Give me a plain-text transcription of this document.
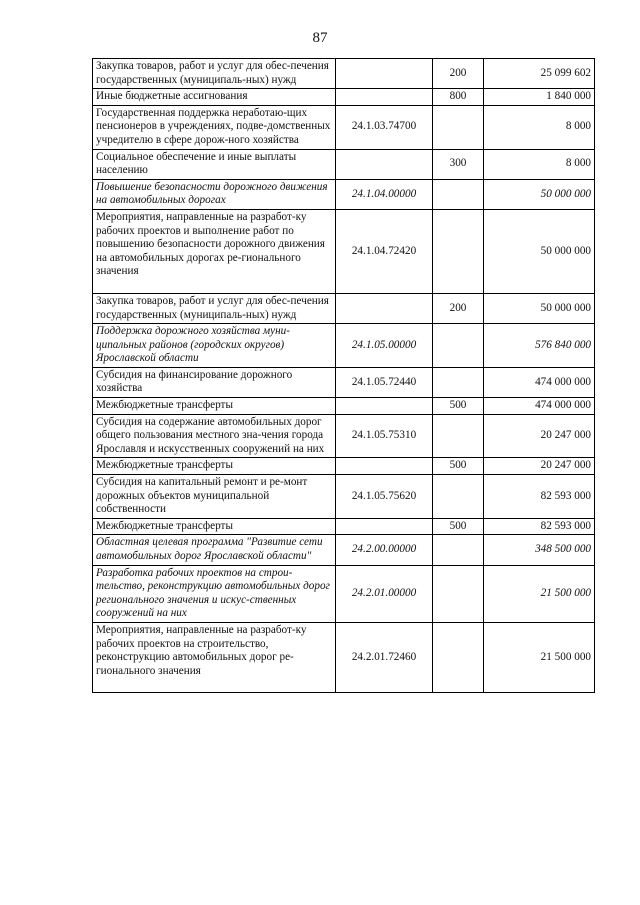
87
Закупка товаров, работ и услуг для обес-печения государственных (муниципаль-ных) нужд		200	25 099 602
Иные бюджетные ассигнования		800	1 840 000
Государственная поддержка неработаю-щих пенсионеров в учреждениях, подве-домственных учредителю в сфере дорож-ного хозяйства	24.1.03.74700		8 000
Социальное обеспечение и иные выплаты населению		300	8 000
Повышение безопасности дорожного движения на автомобильных дорогах	24.1.04.00000		50 000 000
Мероприятия, направленные на разработ-ку рабочих проектов и выполнение работ по повышению безопасности дорожного движения на автомобильных дорогах ре-гионального значения	24.1.04.72420		50 000 000
Закупка товаров, работ и услуг для обес-печения государственных (муниципаль-ных) нужд		200	50 000 000
Поддержка дорожного хозяйства муни-ципальных районов (городских округов) Ярославской области	24.1.05.00000		576 840 000
Субсидия на финансирование дорожного хозяйства	24.1.05.72440		474 000 000
Межбюджетные трансферты		500	474 000 000
Субсидия на содержание автомобильных дорог общего пользования местного зна-чения города Ярославля и искусственных сооружений на них	24.1.05.75310		20 247 000
Межбюджетные трансферты		500	20 247 000
Субсидия на капитальный ремонт и ре-монт дорожных объектов муниципальной собственности	24.1.05.75620		82 593 000
Межбюджетные трансферты		500	82 593 000
Областная целевая программа "Развитие сети автомобильных дорог Ярославской области"	24.2.00.00000		348 500 000
Разработка рабочих проектов на строи-тельство, реконструкцию автомобильных дорог регионального значения и искус-ственных сооружений на них	24.2.01.00000		21 500 000
Мероприятия, направленные на разработ-ку рабочих проектов на строительство, реконструкцию автомобильных дорог ре-гионального значения	24.2.01.72460		21 500 000
